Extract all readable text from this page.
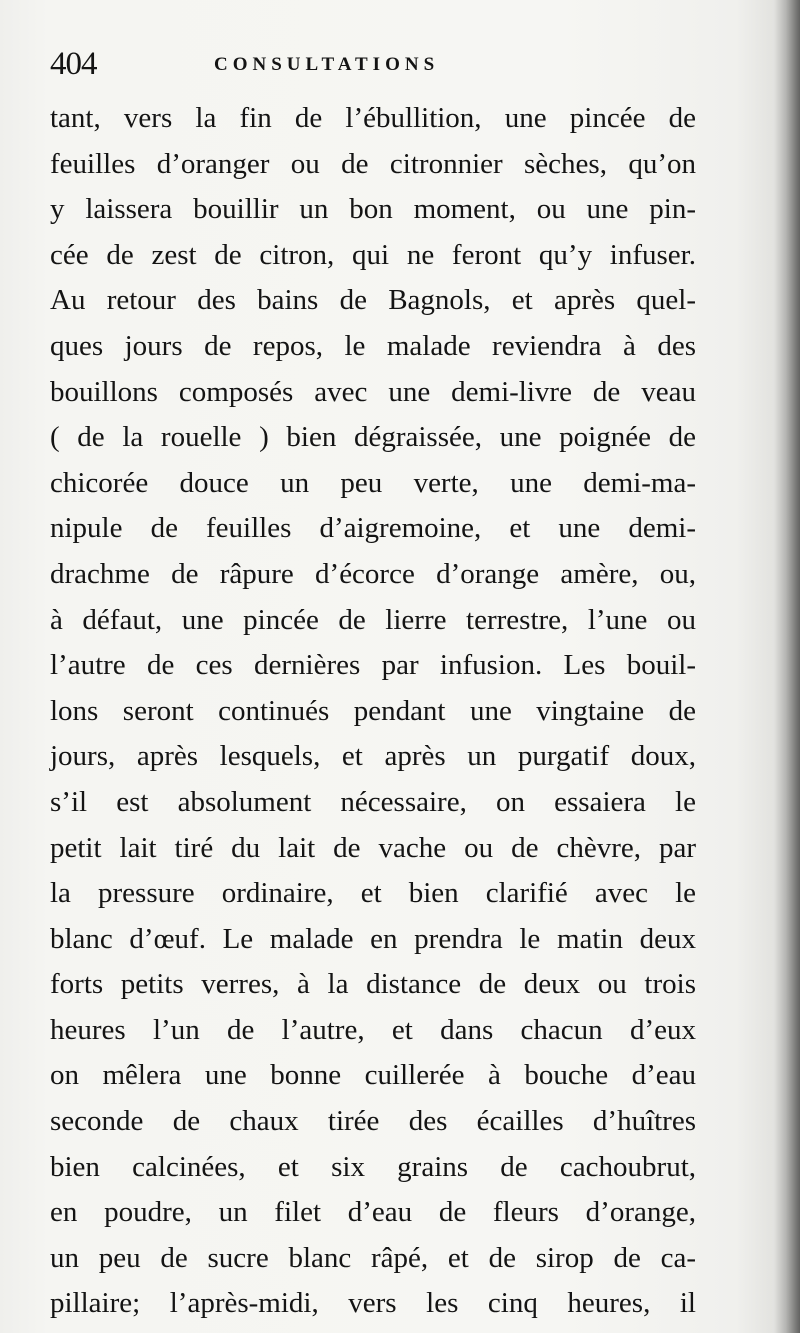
404	CONSULTATIONS
tant, vers la fin de l’ébullition, une pincée de
feuilles d’oranger ou de citronnier sèches, qu’on
y laissera bouillir un bon moment, ou une pin-
cée de zest de citron, qui ne feront qu’y infuser.
Au retour des bains de Bagnols, et après quel-
ques jours de repos, le malade reviendra à des
bouillons composés avec une demi-livre de veau
( de la rouelle ) bien dégraissée, une poignée de
chicorée douce un peu verte, une demi-ma-
nipule de feuilles d’aigremoine, et une demi-
drachme de râpure d’écorce d’orange amère, ou,
à défaut, une pincée de lierre terrestre, l’une ou
l’autre de ces dernières par infusion. Les bouil-
lons seront continués pendant une vingtaine de
jours, après lesquels, et après un purgatif doux,
s’il est absolument nécessaire, on essaiera le
petit lait tiré du lait de vache ou de chèvre, par
la pressure ordinaire, et bien clarifié avec le
blanc d’œuf. Le malade en prendra le matin deux
forts petits verres, à la distance de deux ou trois
heures l’un de l’autre, et dans chacun d’eux
on mêlera une bonne cuillerée à bouche d’eau
seconde de chaux tirée des écailles d’huîtres
bien calcinées, et six grains de cachoubrut,
en poudre, un filet d’eau de fleurs d’orange,
un peu de sucre blanc râpé, et de sirop de ca-
pillaire; l’après-midi, vers les cinq heures, il
